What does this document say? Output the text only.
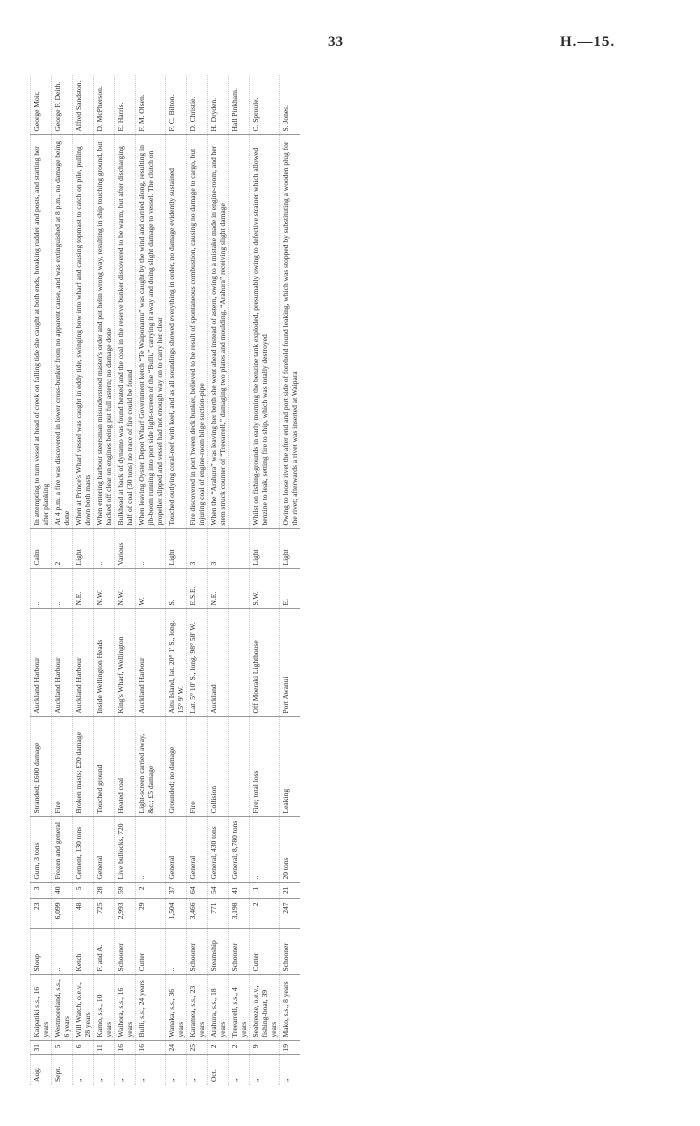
33	H.—15.
Aug.	31	Kaipatiki s.s., 16 years	Sloop	23	3	Gum, 3 tons	Stranded; £600 damage	Auckland Harbour	..	Calm	In attempting to turn vessel at head of creek on falling tide she caught at both ends, breaking rudder and posts, and starting her after planking	George Moir.
Sept.	5	Westmoreland, s.s., 6 years	..	6,099	40	Frozen and general	Fire	Auckland Harbour	..	2	At 4 p.m. a fire was discovered in lower cross-bunker from no apparent cause, and was extinguished at 8 p.m., no damage being done	George F. Deith.
„	6	Will Watch, o.e.v., 28 years	Ketch	48	5	Cement, 130 tons	Broken masts; £20 damage	Auckland Harbour	N.E.	Light	When at Prince's Wharf vessel was caught in eddy tide, swinging bow into wharf and causing topmast to catch on pile, pulling down both masts	Alfred Sandston.
„	11	Kamo, s.s., 10 years	F. and A.	725	28	General	Touched ground	Inside Wellington Heads	N.W.	..	When entering harbour steersman misunderstood master's order and put helm wrong way, resulting in ship touching ground, but backed off clear on engines being put full astern; no damage done	D. McPherson.
„	16	Waihora, s.s., 16 years	Schooner	2,993	59	Live bullocks, 720	Heated coal	King's Wharf, Wellington	N.W.	Various	Bulkhead at back of dynamo was found heated and the coal in the reserve bunker discovered to be warm, but after discharging half of coal (30 tons) no trace of fire could be found	E. Harris.
„	16	Bulli, s.s., 24 years	Cutter	29	2	..	Light-screen carried away, &c.; £5 damage	Auckland Harbour	W.	..	When leaving Oyster Depot Wharf Government ketch “Te Waiponamu” was caught by the wind and carried along, resulting in jib-boom running into port side light-screen of the “Bulli,” carrying it away and doing slight damage to vessel. The clutch on propeller slipped and vessel had not enough way on to carry her clear	F. M. Olsen.
„	24	Wanaka, s.s., 36 years	..	1,504	37	General	Grounded; no damage	Aitu Island, lat. 20° 1' S., long. 15° 9' W.	S.	Light	Touched outlying coral-reef with keel, and as all soundings showed everything in order, no damage evidently sustained	F. C. Bilton.
„	25	Karamea, s.s., 23 years	Schooner	3,466	64	General	Fire	Lat. 5° 10' S., long. 98° 58' W.	E.S.E.	3	Fire discovered in port 'tween deck bunker, believed to be result of spontaneous combustion, causing no damage to cargo, but injuring coal of engine-room bilge suction-pipe	D. Christie.
Oct.	2	Arahura, s.s., 18 years	Steamship	771	54	General, 430 tons	Collision	Auckland	N.E.	3	When the “Arahura” was leaving her berth she went ahead instead of astern, owing to a mistake made in engine-room, and her stem struck counter of “Treearrell,” damaging two plates and moulding, “Arahura” receiving slight damage	H. Dryden.
„	2	Treearrell, s.s., 4 years	Schooner	3,198	41	General, 8,780 tons						Hall Pinkham.
„	9	Seabreeze, o.e.v., fishing-boat, 39 years	Cutter	2	1	..	Fire; total loss	Off Moeraki Lighthouse	S.W.	Light	Whilst on fishing-grounds in early morning the benzine tank exploded, presumably owing to defective strainer which allowed benzine to leak, setting fire to ship, which was totally destroyed	C. Sproule.
„	19	Mako, s.s., 8 years	Schooner	247	21	20 tons	Leaking	Port Awanui	E.	Light	Owing to loose rivet the after end and port side of forehold found leaking, which was stopped by substituting a wooden plug for the rivet; afterwards a rivet was inserted at Waipara	S. Jones.
